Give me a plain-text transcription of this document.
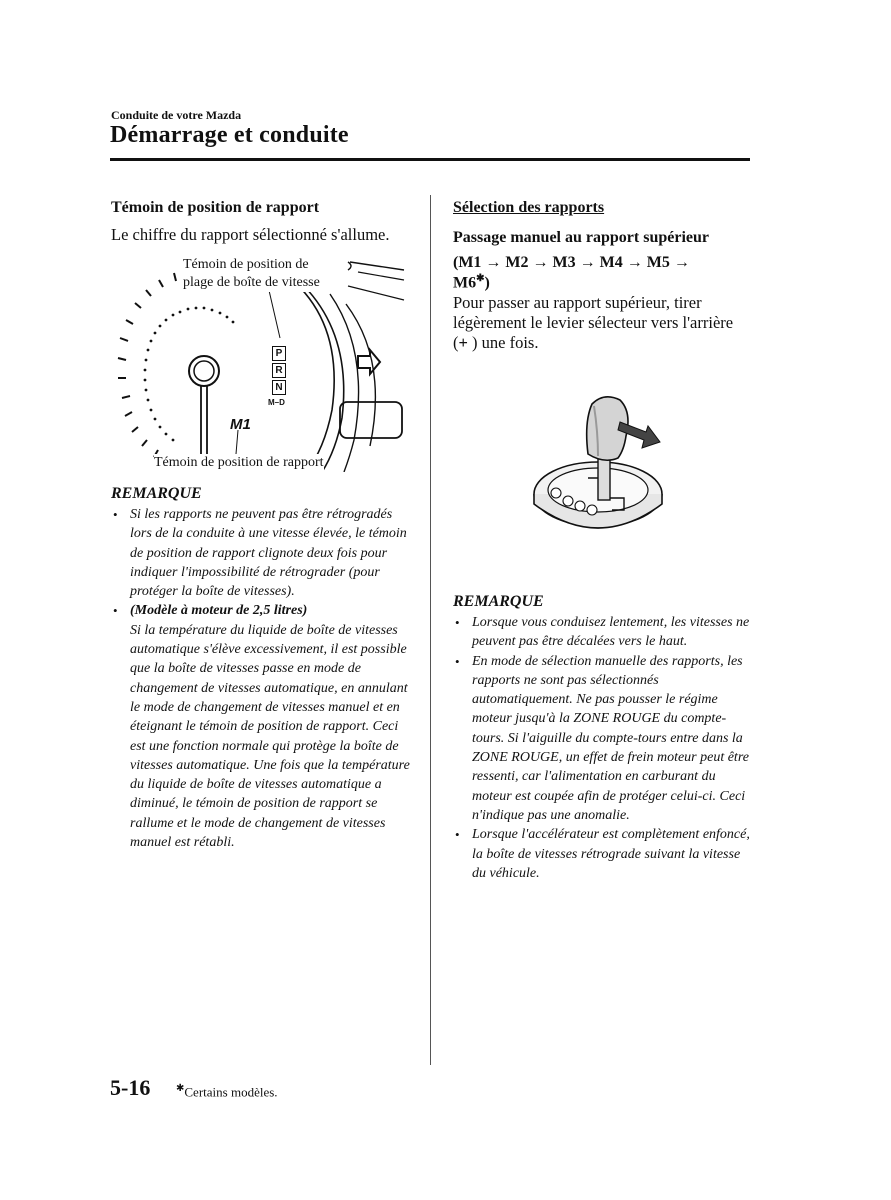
Conduite de votre Mazda
Démarrage et conduite
Témoin de position de rapport
Le chiffre du rapport sélectionné s'allume.
P
R
N
M–D
M1
Témoin de position de
plage de boîte de vitesse
Témoin de position de rapport
REMARQUE
• Si les rapports ne peuvent pas être rétrogradés lors de la conduite à une vitesse élevée, le témoin de position de rapport clignote deux fois pour indiquer l'impossibilité de rétrograder (pour protéger la boîte de vitesses).
• (Modèle à moteur de 2,5 litres)
Si la température du liquide de boîte de vitesses automatique s'élève excessivement, il est possible que la boîte de vitesses passe en mode de changement de vitesses automatique, en annulant le mode de changement de vitesses manuel et en éteignant le témoin de position de rapport. Ceci est une fonction normale qui protège la boîte de vitesses automatique. Une fois que la température du liquide de boîte de vitesses automatique a diminué, le témoin de position de rapport se rallume et le mode de changement de vitesses manuel est rétabli.
Sélection des rapports
Passage manuel au rapport supérieur
(M1 → M2 → M3 → M4 → M5 →
M6✱)
Pour passer au rapport supérieur, tirer
légèrement le levier sélecteur vers l'arrière
(+ ) une fois.
REMARQUE
• Lorsque vous conduisez lentement, les vitesses ne peuvent pas être décalées vers le haut.
• En mode de sélection manuelle des rapports, les rapports ne sont pas sélectionnés automatiquement. Ne pas pousser le régime moteur jusqu'à la ZONE ROUGE du compte-tours. Si l'aiguille du compte-tours entre dans la ZONE ROUGE, un effet de frein moteur peut être ressenti, car l'alimentation en carburant du moteur est coupée afin de protéger celui-ci. Ceci n'indique pas une anomalie.
• Lorsque l'accélérateur est complètement enfoncé, la boîte de vitesses rétrograde suivant la vitesse du véhicule.
5-16	✱Certains modèles.
